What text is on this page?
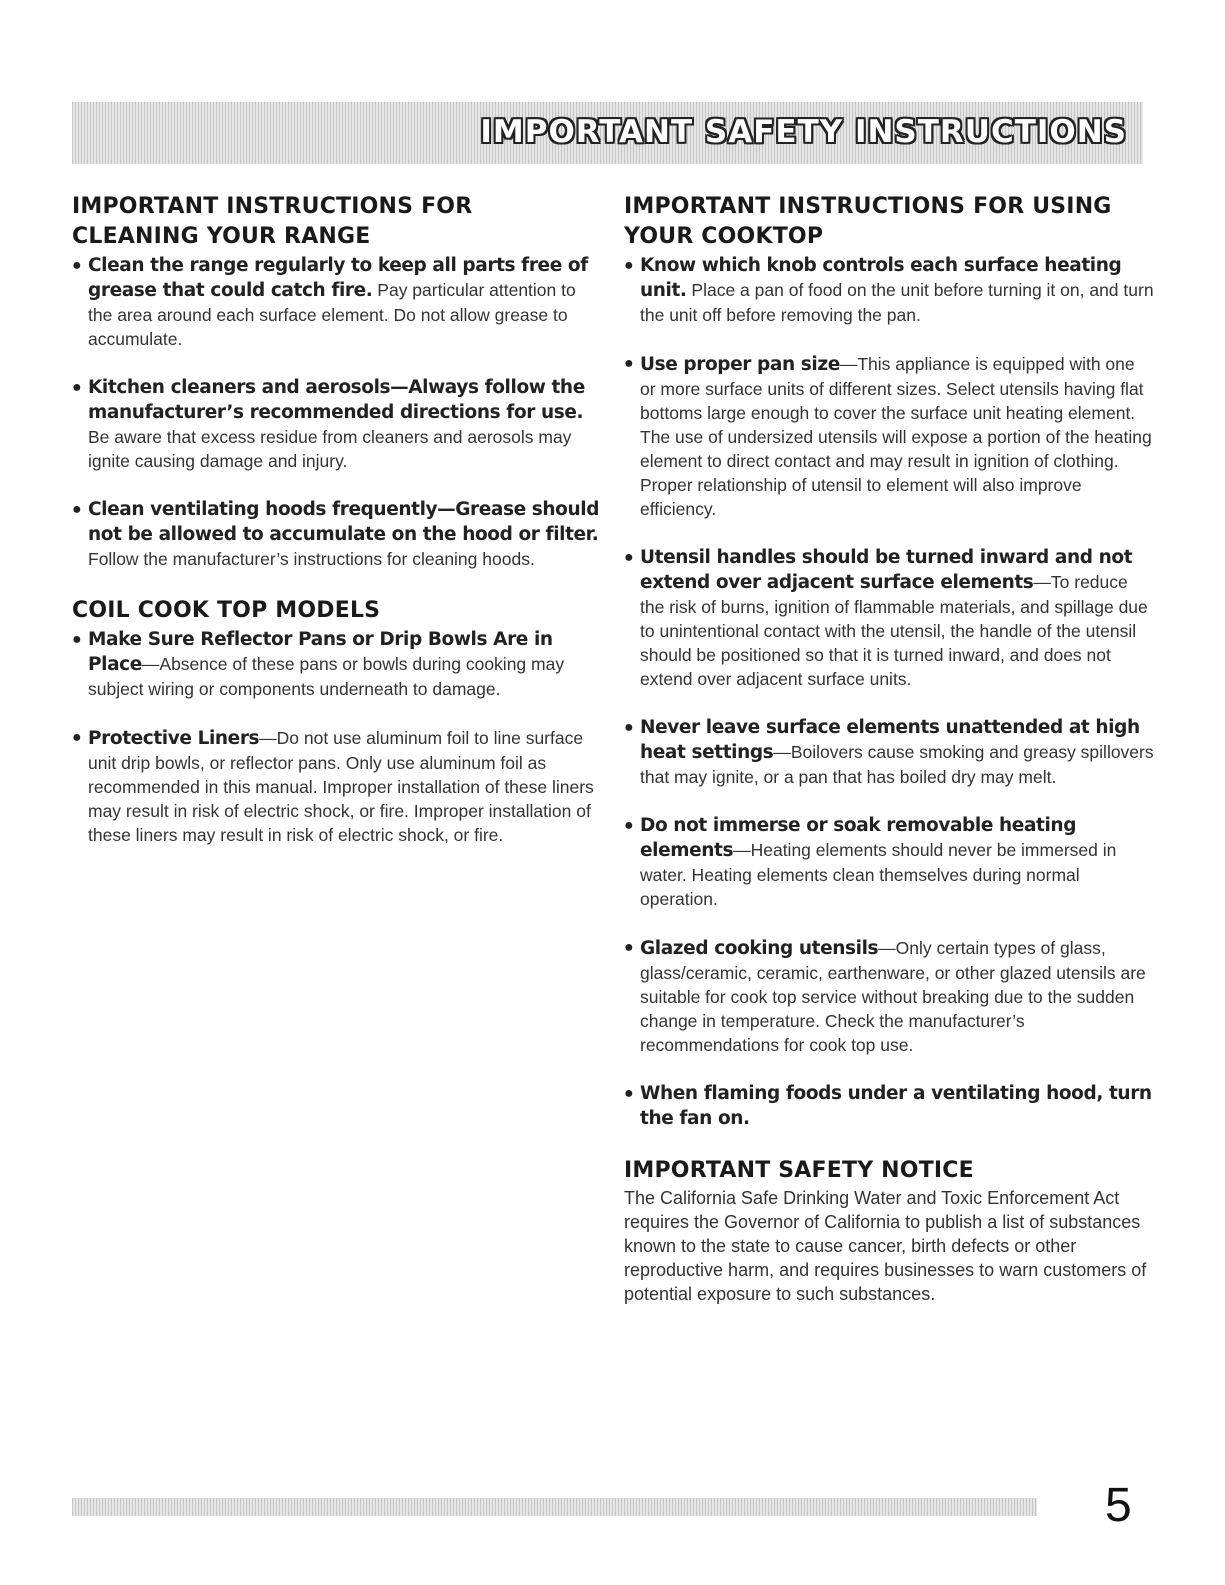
IMPORTANT SAFETY INSTRUCTIONS
IMPORTANT INSTRUCTIONS FOR CLEANING YOUR RANGE
● Clean the range regularly to keep all parts free of grease that could catch fire. Pay particular attention to the area around each surface element. Do not allow grease to accumulate.
● Kitchen cleaners and aerosols—Always follow the manufacturer’s recommended directions for use. Be aware that excess residue from cleaners and aerosols may ignite causing damage and injury.
● Clean ventilating hoods frequently—Grease should not be allowed to accumulate on the hood or filter. Follow the manufacturer’s instructions for cleaning hoods.
COIL COOK TOP MODELS
● Make Sure Reflector Pans or Drip Bowls Are in Place—Absence of these pans or bowls during cooking may subject wiring or components underneath to damage.
● Protective Liners—Do not use aluminum foil to line surface unit drip bowls, or reflector pans. Only use aluminum foil as recommended in this manual. Improper installation of these liners may result in risk of electric shock, or fire. Improper installation of these liners may result in risk of electric shock, or fire.
IMPORTANT INSTRUCTIONS FOR USING YOUR COOKTOP
● Know which knob controls each surface heating unit. Place a pan of food on the unit before turning it on, and turn the unit off before removing the pan.
● Use proper pan size—This appliance is equipped with one or more surface units of different sizes. Select utensils having flat bottoms large enough to cover the surface unit heating element. The use of undersized utensils will expose a portion of the heating element to direct contact and may result in ignition of clothing. Proper relationship of utensil to element will also improve efficiency.
● Utensil handles should be turned inward and not extend over adjacent surface elements—To reduce the risk of burns, ignition of flammable materials, and spillage due to unintentional contact with the utensil, the handle of the utensil should be positioned so that it is turned inward, and does not extend over adjacent surface units.
● Never leave surface elements unattended at high heat settings—Boilovers cause smoking and greasy spillovers that may ignite, or a pan that has boiled dry may melt.
● Do not immerse or soak removable heating elements—Heating elements should never be immersed in water. Heating elements clean themselves during normal operation.
● Glazed cooking utensils—Only certain types of glass, glass/ceramic, ceramic, earthenware, or other glazed utensils are suitable for cook top service without breaking due to the sudden change in temperature. Check the manufacturer’s recommendations for cook top use.
● When flaming foods under a ventilating hood, turn the fan on.
IMPORTANT SAFETY NOTICE

The California Safe Drinking Water and Toxic Enforcement Act requires the Governor of California to publish a list of substances known to the state to cause cancer, birth defects or other reproductive harm, and requires businesses to warn customers of potential exposure to such substances.

5
